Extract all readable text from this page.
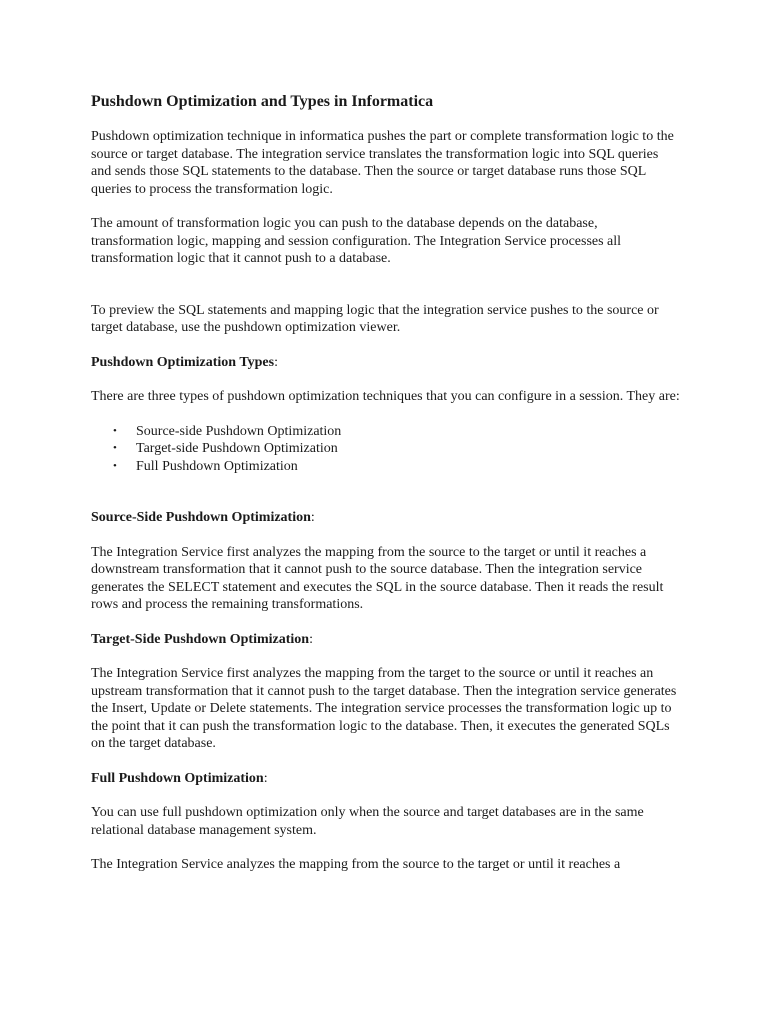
Pushdown Optimization and Types in Informatica

Pushdown optimization technique in informatica pushes the part or complete transformation logic to the source or target database. The integration service translates the transformation logic into SQL queries and sends those SQL statements to the database. Then the source or target database runs those SQL queries to process the transformation logic.

The amount of transformation logic you can push to the database depends on the database, transformation logic, mapping and session configuration. The Integration Service processes all transformation logic that it cannot push to a database.

To preview the SQL statements and mapping logic that the integration service pushes to the source or target database, use the pushdown optimization viewer.

Pushdown Optimization Types:

There are three types of pushdown optimization techniques that you can configure in a session. They are:

• Source-side Pushdown Optimization
• Target-side Pushdown Optimization
• Full Pushdown Optimization
Source-Side Pushdown Optimization:

The Integration Service first analyzes the mapping from the source to the target or until it reaches a downstream transformation that it cannot push to the source database. Then the integration service generates the SELECT statement and executes the SQL in the source database. Then it reads the result rows and process the remaining transformations.

Target-Side Pushdown Optimization:

The Integration Service first analyzes the mapping from the target to the source or until it reaches an upstream transformation that it cannot push to the target database. Then the integration service generates the Insert, Update or Delete statements. The integration service processes the transformation logic up to the point that it can push the transformation logic to the database. Then, it executes the generated SQLs on the target database.

Full Pushdown Optimization:

You can use full pushdown optimization only when the source and target databases are in the same relational database management system.

The Integration Service analyzes the mapping from the source to the target or until it reaches a
